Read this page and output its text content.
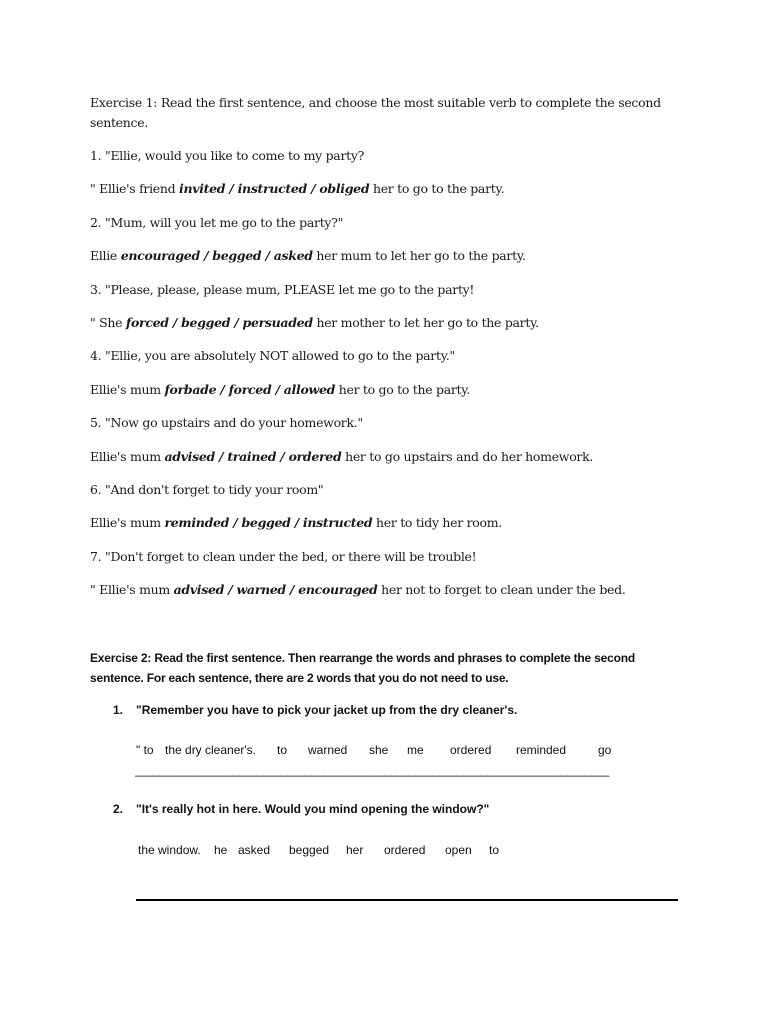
Exercise 1: Read the first sentence, and choose the most suitable verb to complete the second
sentence.
1. "Ellie, would you like to come to my party?
" Ellie's friend invited / instructed / obliged her to go to the party.
2. "Mum, will you let me go to the party?"
Ellie encouraged / begged / asked her mum to let her go to the party.
3. "Please, please, please mum, PLEASE let me go to the party!
" She forced / begged / persuaded her mother to let her go to the party.
4. "Ellie, you are absolutely NOT allowed to go to the party."
Ellie's mum forbade / forced / allowed her to go to the party.
5. "Now go upstairs and do your homework."
Ellie's mum advised / trained / ordered her to go upstairs and do her homework.
6. "And don't forget to tidy your room"
Ellie's mum reminded / begged / instructed her to tidy her room.
7. "Don't forget to clean under the bed, or there will be trouble!
" Ellie's mum advised / warned / encouraged her not to forget to clean under the bed.
Exercise 2: Read the first sentence. Then rearrange the words and phrases to complete the second
sentence. For each sentence, there are 2 words that you do not need to use.
1. "Remember you have to pick your jacket up from the dry cleaner's.
" to the dry cleaner's. to warned she me ordered reminded	go
______________________________________________________________________________
2. "It's really hot in here. Would you mind opening the window?"
the window. he asked begged her ordered open to
